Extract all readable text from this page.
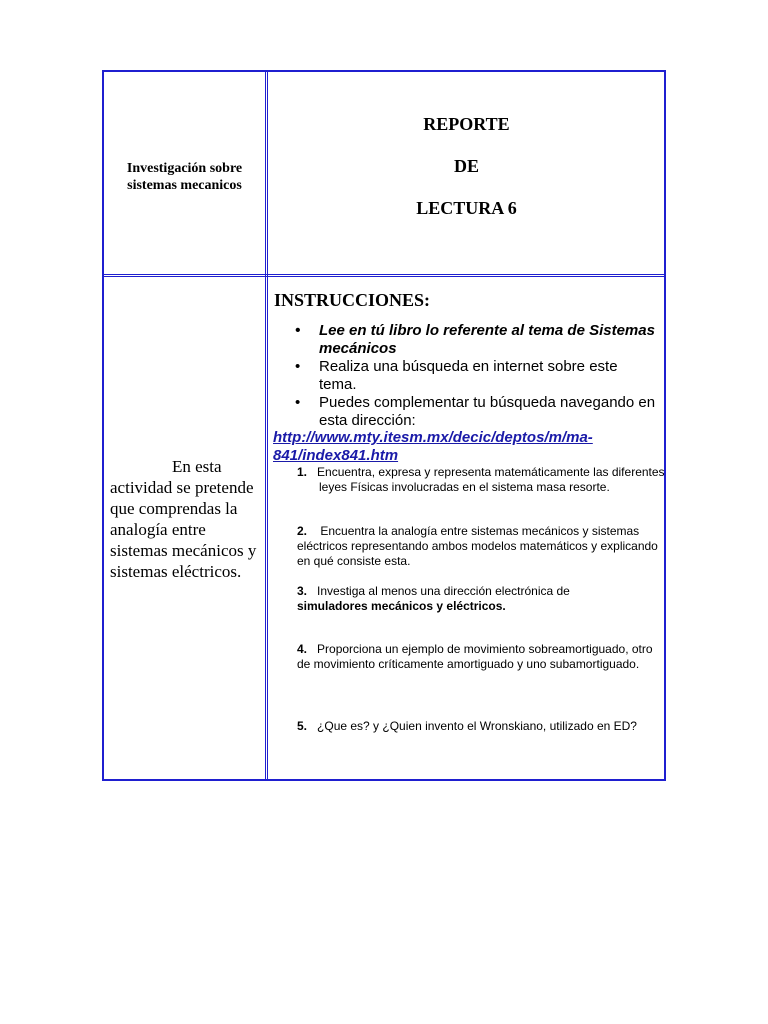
Investigación sobre sistemas mecanicos
REPORTE
DE
LECTURA 6
En esta actividad se pretende que comprendas la analogía entre sistemas mecánicos y sistemas eléctricos.
INSTRUCCIONES:
• Lee en tú libro lo referente al tema de Sistemas mecánicos
• Realiza una búsqueda en internet sobre este tema.
• Puedes complementar tu búsqueda navegando en esta dirección:
http://www.mty.itesm.mx/decic/deptos/m/ma-841/index841.htm
1. Encuentra, expresa y representa matemáticamente las diferentes leyes Físicas involucradas en el sistema masa resorte.
2. Encuentra la analogía entre sistemas mecánicos y sistemas eléctricos representando ambos modelos matemáticos y explicando en qué consiste esta.
3. Investiga al menos una dirección electrónica de
simuladores mecánicos y eléctricos.
4. Proporciona un ejemplo de movimiento sobreamortiguado, otro de movimiento críticamente amortiguado y uno subamortiguado.
5. ¿Que es? y ¿Quien invento el Wronskiano, utilizado en ED?
